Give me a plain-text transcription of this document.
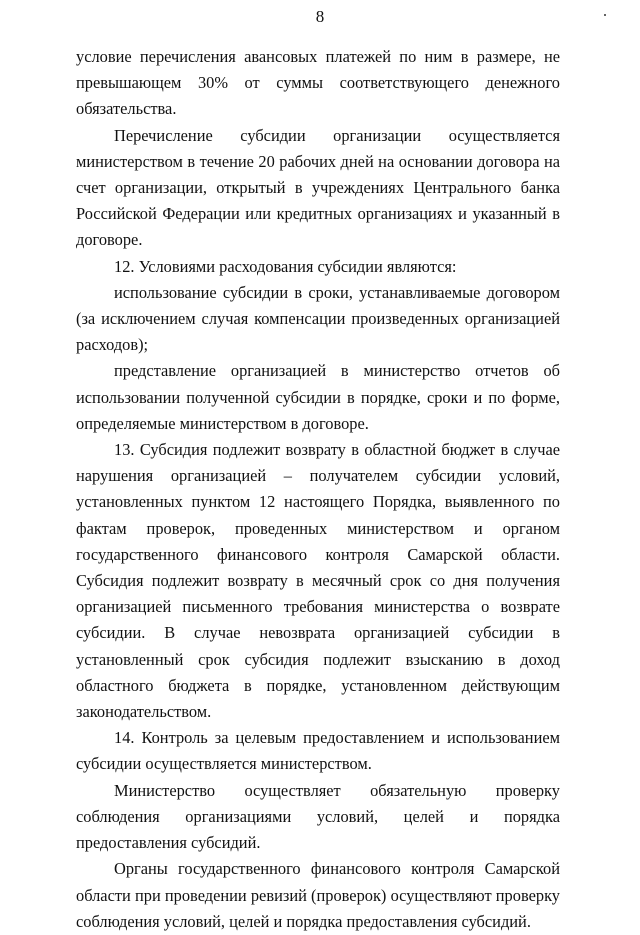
8

условие перечисления авансовых платежей по ним в размере, не превышающем 30% от суммы соответствующего денежного обязательства.

Перечисление субсидии организации осуществляется министерством в течение 20 рабочих дней на основании договора на счет организации, открытый в учреждениях Центрального банка Российской Федерации или кредитных организациях и указанный в договоре.

12. Условиями расходования субсидии являются:

использование субсидии в сроки, устанавливаемые договором (за исключением случая компенсации произведенных организацией расходов);

представление организацией в министерство отчетов об использовании полученной субсидии в порядке, сроки и по форме, определяемые министерством в договоре.

13. Субсидия подлежит возврату в областной бюджет в случае нарушения организацией – получателем субсидии условий, установленных пунктом 12 настоящего Порядка, выявленного по фактам проверок, проведенных министерством и органом государственного финансового контроля Самарской области. Субсидия подлежит возврату в месячный срок со дня получения организацией письменного требования министерства о возврате субсидии. В случае невозврата организацией субсидии в установленный срок субсидия подлежит взысканию в доход областного бюджета в порядке, установленном действующим законодательством.

14. Контроль за целевым предоставлением и использованием субсидии осуществляется министерством.

Министерство осуществляет обязательную проверку соблюдения организациями условий, целей и порядка предоставления субсидий.

Органы государственного финансового контроля Самарской области при проведении ревизий (проверок) осуществляют проверку соблюдения условий, целей и порядка предоставления субсидий.
